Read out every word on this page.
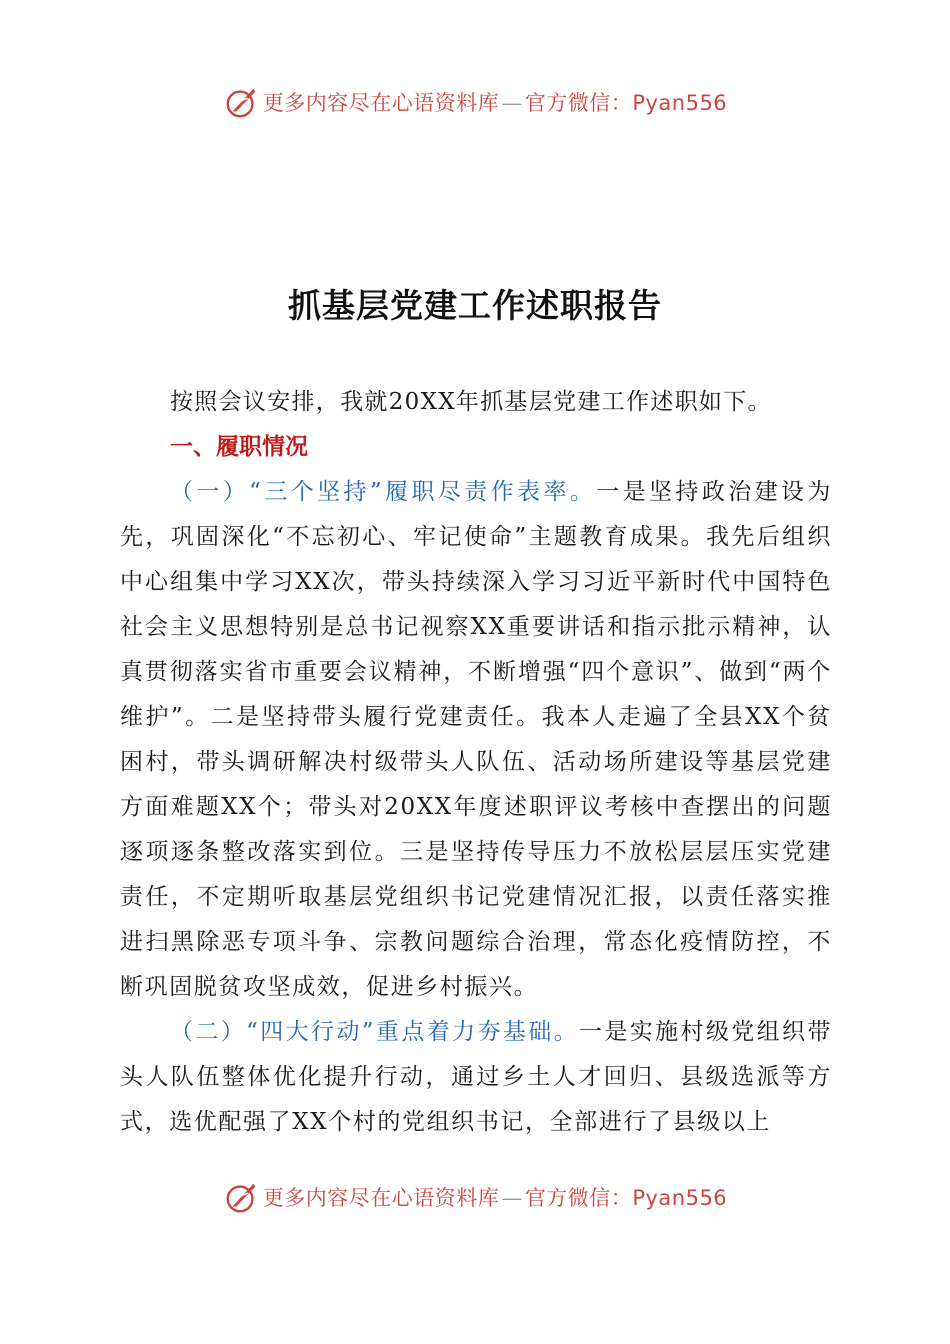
更多内容尽在心语资料库—官方微信：Pyan556
抓基层党建工作述职报告

按照会议安排，我就20XX年抓基层党建工作述职如下。

一、履职情况

（一）“三个坚持”履职尽责作表率。一是坚持政治建设为先，巩固深化“不忘初心、牢记使命”主题教育成果。我先后组织中心组集中学习XX次，带头持续深入学习习近平新时代中国特色社会主义思想特别是总书记视察XX重要讲话和指示批示精神，认真贯彻落实省市重要会议精神，不断增强“四个意识”、做到“两个维护”。二是坚持带头履行党建责任。我本人走遍了全县XX个贫困村，带头调研解决村级带头人队伍、活动场所建设等基层党建方面难题XX个；带头对20XX年度述职评议考核中查摆出的问题逐项逐条整改落实到位。三是坚持传导压力不放松层层压实党建责任，不定期听取基层党组织书记党建情况汇报，以责任落实推进扫黑除恶专项斗争、宗教问题综合治理，常态化疫情防控，不断巩固脱贫攻坚成效，促进乡村振兴。

（二）“四大行动”重点着力夯基础。一是实施村级党组织带头人队伍整体优化提升行动，通过乡土人才回归、县级选派等方式，选优配强了XX个村的党组织书记，全部进行了县级以上

更多内容尽在心语资料库—官方微信：Pyan556
